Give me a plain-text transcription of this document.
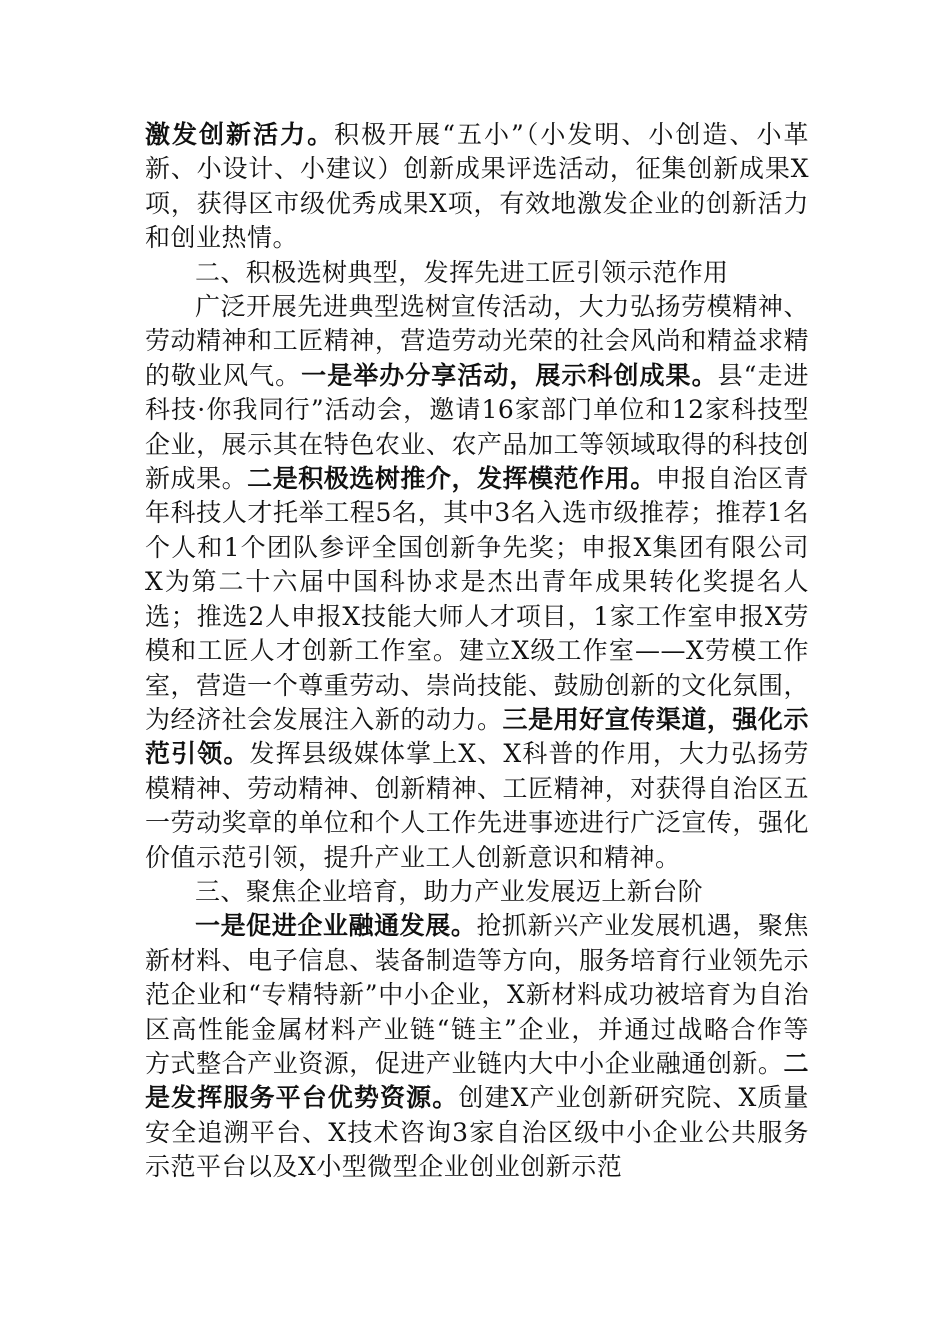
激发创新活力。积极开展“五小”（小发明、小创造、小革新、小设计、小建议）创新成果评选活动，征集创新成果X项，获得区市级优秀成果X项，有效地激发企业的创新活力和创业热情。

二、积极选树典型，发挥先进工匠引领示范作用

广泛开展先进典型选树宣传活动，大力弘扬劳模精神、劳动精神和工匠精神，营造劳动光荣的社会风尚和精益求精的敬业风气。一是举办分享活动，展示科创成果。县“走进科技·你我同行”活动会，邀请16家部门单位和12家科技型企业，展示其在特色农业、农产品加工等领域取得的科技创新成果。二是积极选树推介，发挥模范作用。申报自治区青年科技人才托举工程5名，其中3名入选市级推荐；推荐1名个人和1个团队参评全国创新争先奖；申报X集团有限公司X为第二十六届中国科协求是杰出青年成果转化奖提名人选；推选2人申报X技能大师人才项目，1家工作室申报X劳模和工匠人才创新工作室。建立X级工作室——X劳模工作室，营造一个尊重劳动、崇尚技能、鼓励创新的文化氛围，为经济社会发展注入新的动力。三是用好宣传渠道，强化示范引领。发挥县级媒体掌上X、X科普的作用，大力弘扬劳模精神、劳动精神、创新精神、工匠精神，对获得自治区五一劳动奖章的单位和个人工作先进事迹进行广泛宣传，强化价值示范引领，提升产业工人创新意识和精神。

三、聚焦企业培育，助力产业发展迈上新台阶

一是促进企业融通发展。抢抓新兴产业发展机遇，聚焦新材料、电子信息、装备制造等方向，服务培育行业领先示范企业和“专精特新”中小企业，X新材料成功被培育为自治区高性能金属材料产业链“链主”企业，并通过战略合作等方式整合产业资源，促进产业链内大中小企业融通创新。二是发挥服务平台优势资源。创建X产业创新研究院、X质量安全追溯平台、X技术咨询3家自治区级中小企业公共服务示范平台以及X小型微型企业创业创新示范
